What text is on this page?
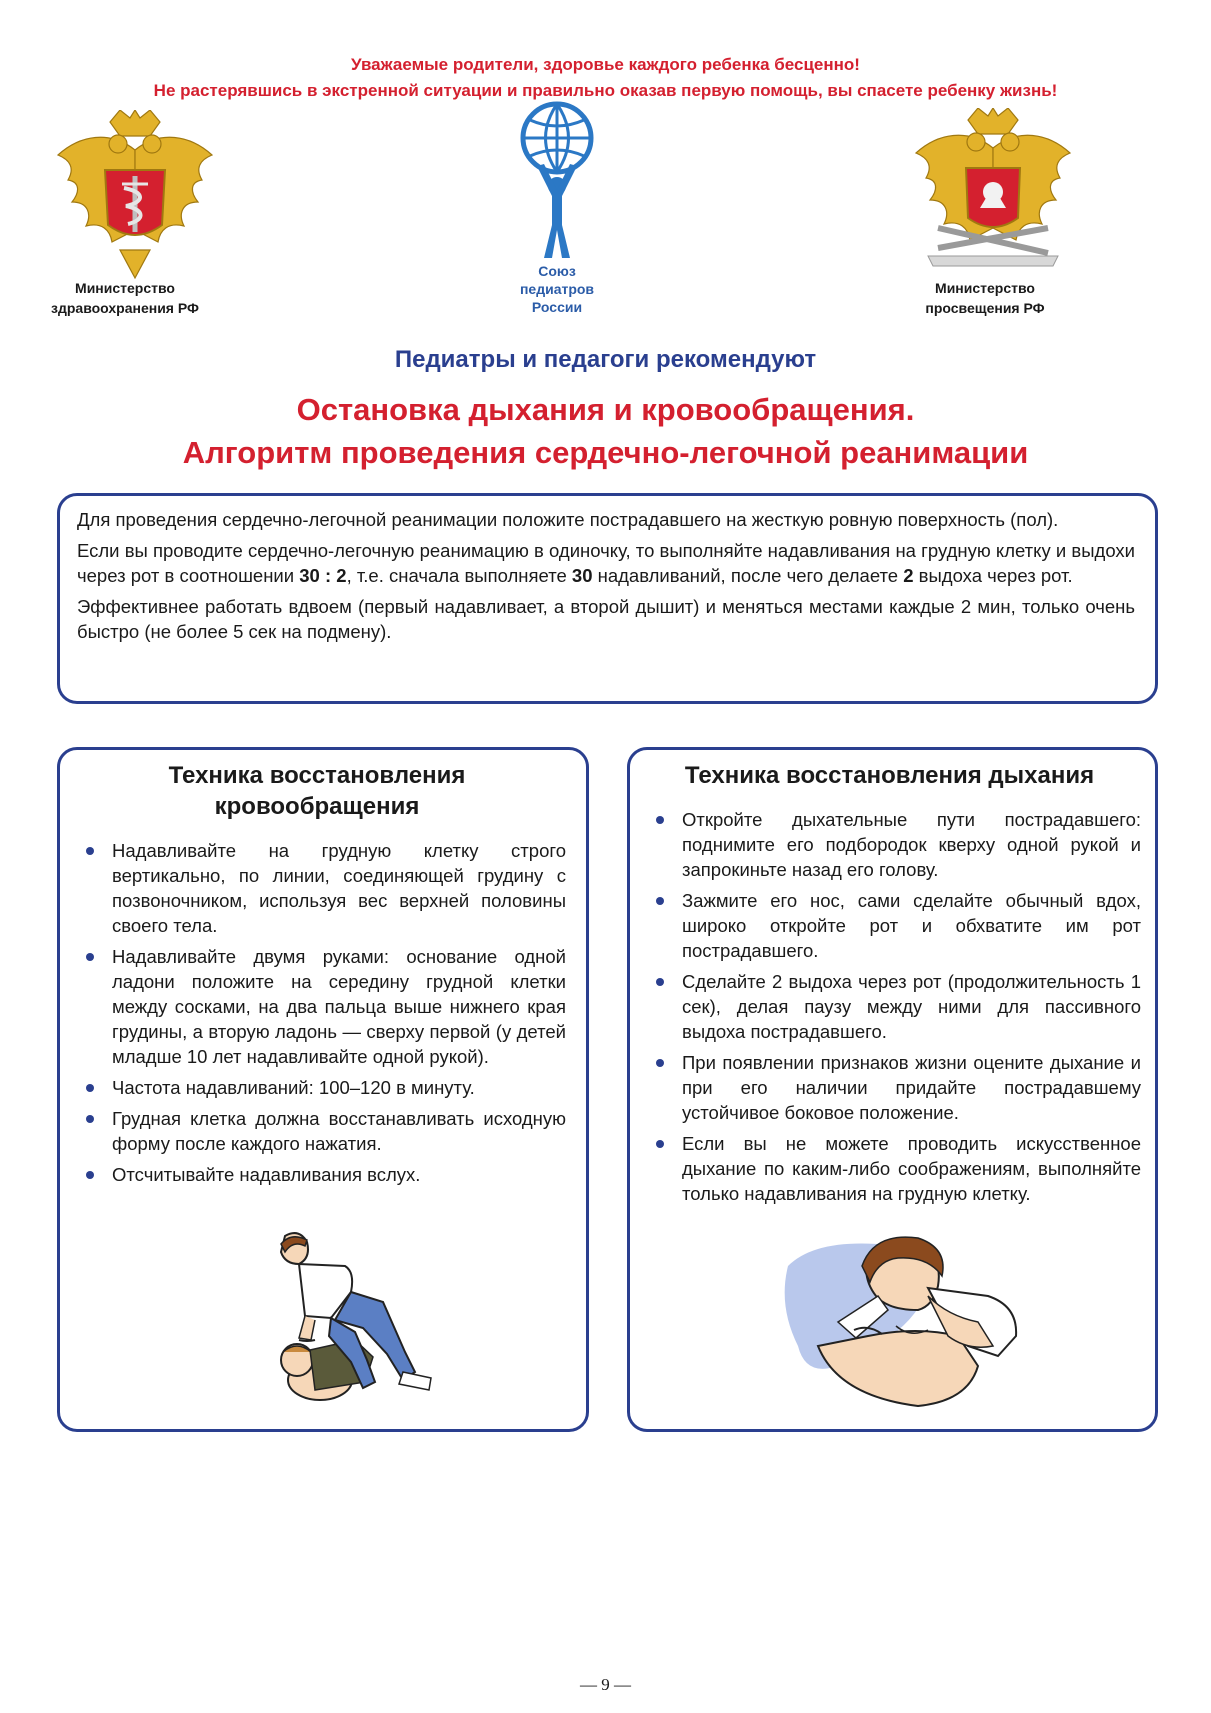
Уважаемые родители, здоровье каждого ребенка бесценно!
Не растерявшись в экстренной ситуации и правильно оказав первую помощь, вы спасете ребенку жизнь!
Министерство
здравоохранения РФ
Союз
педиатров
России
Министерство
просвещения РФ
Педиатры и педагоги рекомендуют
Остановка дыхания и кровообращения.
Алгоритм проведения сердечно-легочной реанимации

Для проведения сердечно-легочной реанимации положите пострадавшего на жесткую ровную поверхность (пол).

Если вы проводите сердечно-легочную реанимацию в одиночку, то выполняйте надавливания на грудную клетку и выдохи через рот в соотношении 30 : 2, т.е. сначала выполняете 30 надавливаний, после чего делаете 2 выдоха через рот.

Эффективнее работать вдвоем (первый надавливает, а второй дышит) и меняться местами каждые 2 мин, только очень быстро (не более 5 сек на подмену).

Техника восстановления кровообращения
Надавливайте на грудную клетку строго вертикально, по линии, соединяющей грудину с позвоночником, используя вес верхней половины своего тела.
Надавливайте двумя руками: основание одной ладони положите на середину грудной клетки между сосками, на два пальца выше нижнего края грудины, а вторую ладонь — сверху первой (у детей младше 10 лет надавливайте одной рукой).
Частота надавливаний: 100–120 в минуту.
Грудная клетка должна восстанавливать исходную форму после каждого нажатия.
Отсчитывайте надавливания вслух.
Техника восстановления дыхания
Откройте дыхательные пути пострадавшего: поднимите его подбородок кверху одной рукой и запрокиньте назад его голову.
Зажмите его нос, сами сделайте обычный вдох, широко откройте рот и обхватите им рот пострадавшего.
Сделайте 2 выдоха через рот (продолжительность 1 сек), делая паузу между ними для пассивного выдоха пострадавшего.
При появлении признаков жизни оцените дыхание и при его наличии придайте пострадавшему устойчивое боковое положение.
Если вы не можете проводить искусственное дыхание по каким-либо соображениям, выполняйте только надавливания на грудную клетку.
— 9 —
